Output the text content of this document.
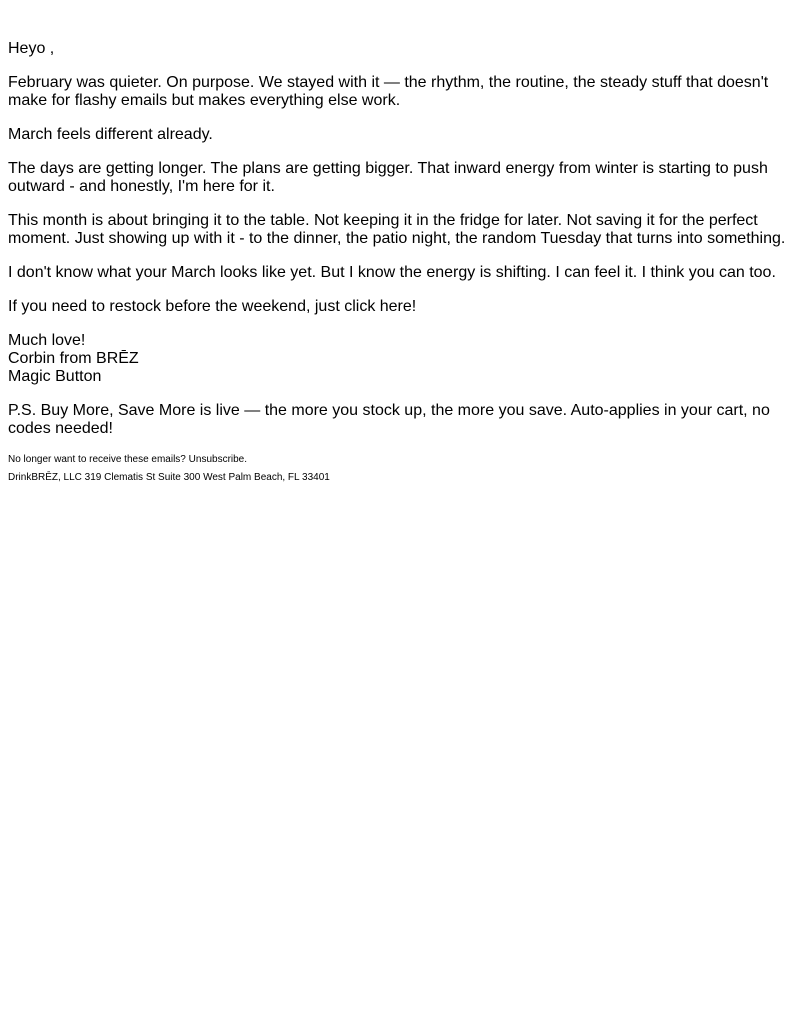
Heyo ,

February was quieter. On purpose. We stayed with it — the rhythm, the routine, the steady stuff that doesn't make for flashy emails but makes everything else work.

March feels different already.

The days are getting longer. The plans are getting bigger. That inward energy from winter is starting to push outward - and honestly, I'm here for it.

This month is about bringing it to the table. Not keeping it in the fridge for later. Not saving it for the perfect moment. Just showing up with it - to the dinner, the patio night, the random Tuesday that turns into something.

I don't know what your March looks like yet. But I know the energy is shifting. I can feel it. I think you can too.

If you need to restock before the weekend, just click here!

Much love!
Corbin from BRĒZ
Magic Button

P.S. Buy More, Save More is live — the more you stock up, the more you save. Auto-applies in your cart, no codes needed!

No longer want to receive these emails? Unsubscribe.

DrinkBRĒZ, LLC 319 Clematis St Suite 300 West Palm Beach, FL 33401
